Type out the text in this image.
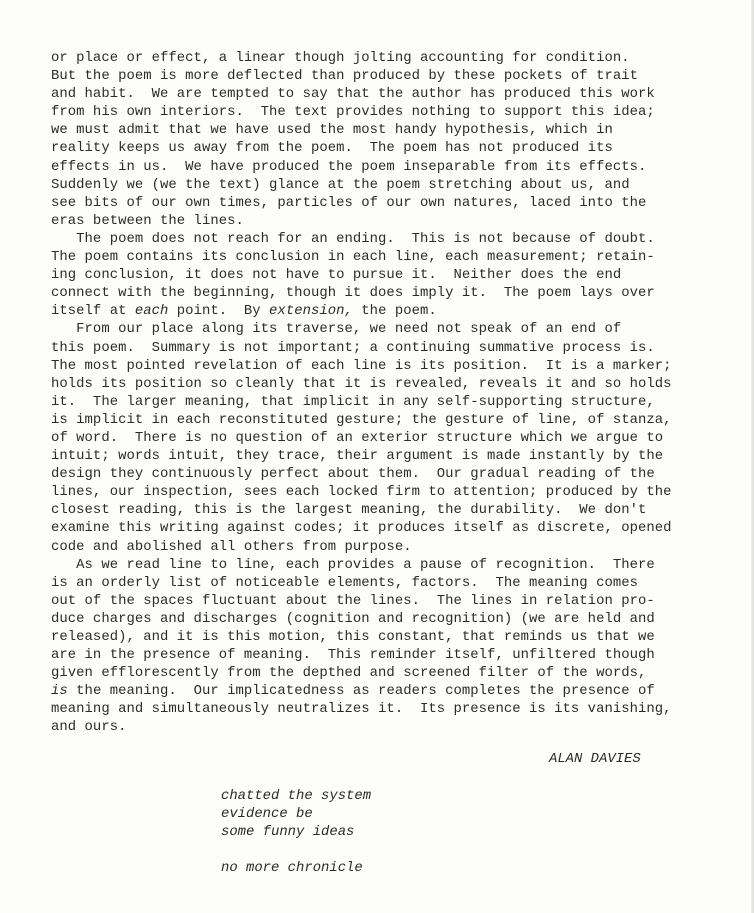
or place or effect, a linear though jolting accounting for condition.
But the poem is more deflected than produced by these pockets of trait
and habit.  We are tempted to say that the author has produced this work
from his own interiors.  The text provides nothing to support this idea;
we must admit that we have used the most handy hypothesis, which in
reality keeps us away from the poem.  The poem has not produced its
effects in us.  We have produced the poem inseparable from its effects.
Suddenly we (we the text) glance at the poem stretching about us, and
see bits of our own times, particles of our own natures, laced into the
eras between the lines.
The poem does not reach for an ending.  This is not because of doubt.
The poem contains its conclusion in each line, each measurement; retain-
ing conclusion, it does not have to pursue it.  Neither does the end
connect with the beginning, though it does imply it.  The poem lays over
itself at each point.  By extension, the poem.
From our place along its traverse, we need not speak of an end of
this poem.  Summary is not important; a continuing summative process is.
The most pointed revelation of each line is its position.  It is a marker;
holds its position so cleanly that it is revealed, reveals it and so holds
it.  The larger meaning, that implicit in any self-supporting structure,
is implicit in each reconstituted gesture; the gesture of line, of stanza,
of word.  There is no question of an exterior structure which we argue to
intuit; words intuit, they trace, their argument is made instantly by the
design they continuously perfect about them.  Our gradual reading of the
lines, our inspection, sees each locked firm to attention; produced by the
closest reading, this is the largest meaning, the durability.  We don't
examine this writing against codes; it produces itself as discrete, opened
code and abolished all others from purpose.
As we read line to line, each provides a pause of recognition.  There
is an orderly list of noticeable elements, factors.  The meaning comes
out of the spaces fluctuant about the lines.  The lines in relation pro-
duce charges and discharges (cognition and recognition) (we are held and
released), and it is this motion, this constant, that reminds us that we
are in the presence of meaning.  This reminder itself, unfiltered though
given efflorescently from the depthed and screened filter of the words,
is the meaning.  Our implicatedness as readers completes the presence of
meaning and simultaneously neutralizes it.  Its presence is its vanishing,
and ours.

ALAN DAVIES

chatted the system
evidence be
some funny ideas
no more chronicle
